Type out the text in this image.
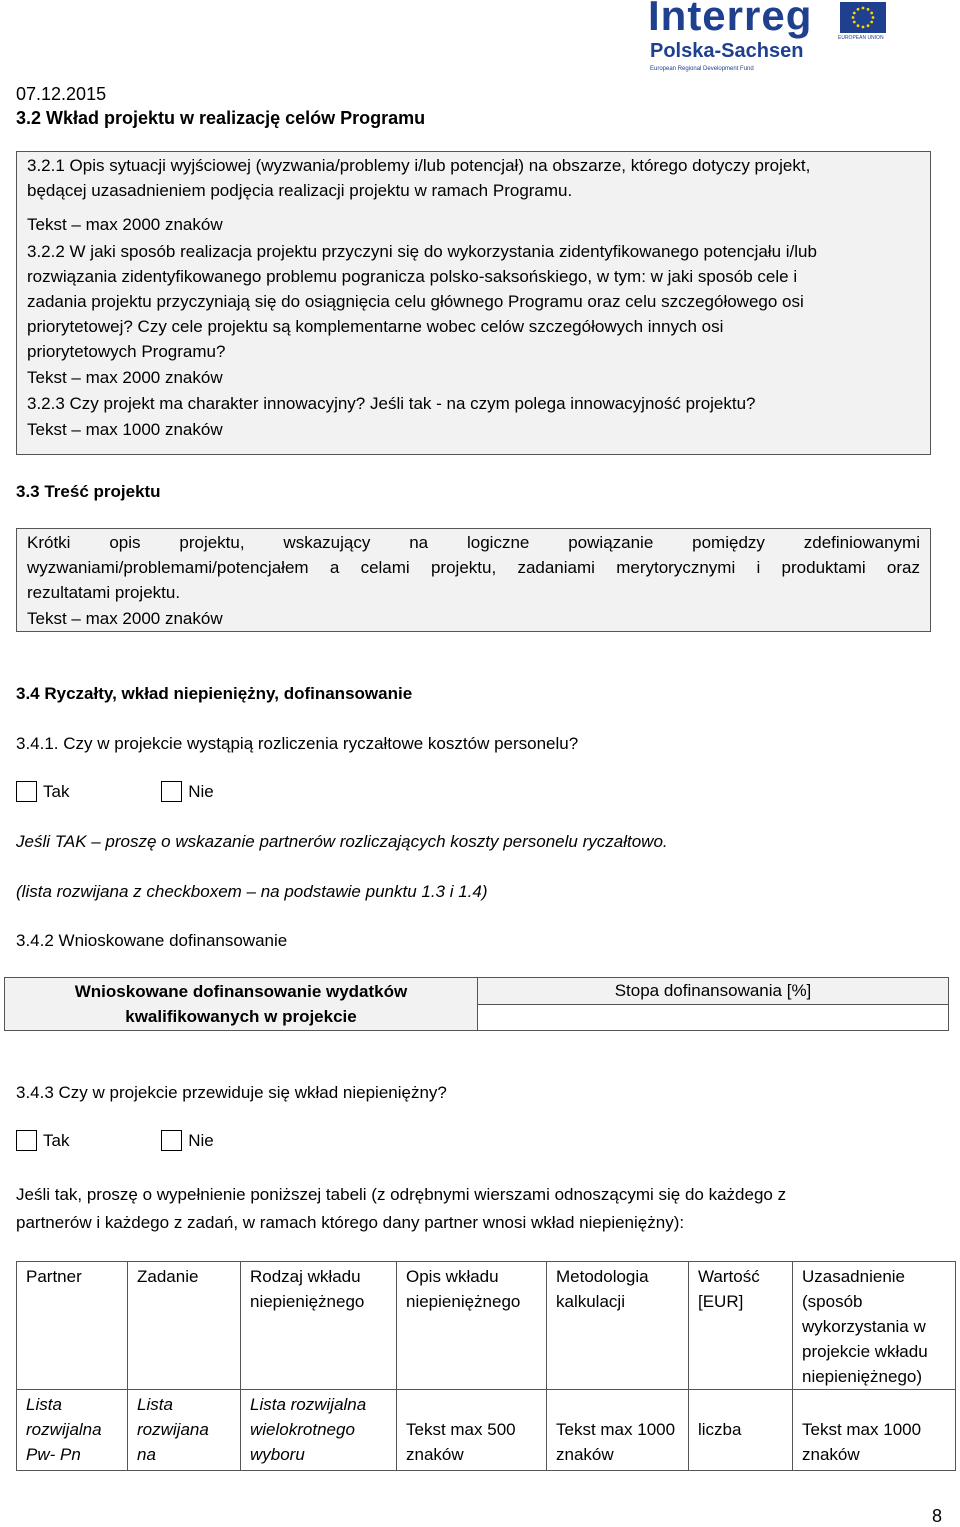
Interreg
Polska-Sachsen
European Regional Development Fund
EUROPEAN UNION
07.12.2015
3.2 Wkład projektu w realizację celów Programu
3.2.1 Opis sytuacji wyjściowej (wyzwania/problemy i/lub potencjał) na obszarze, którego dotyczy projekt,
będącej uzasadnieniem podjęcia realizacji projektu w ramach Programu.
Tekst – max 2000 znaków
3.2.2 W jaki sposób realizacja projektu przyczyni się do wykorzystania zidentyfikowanego potencjału i/lub
rozwiązania zidentyfikowanego problemu pogranicza polsko-saksońskiego, w tym: w jaki sposób cele i
zadania projektu przyczyniają się do osiągnięcia celu głównego Programu oraz celu szczegółowego osi
priorytetowej? Czy cele projektu są komplementarne wobec celów szczegółowych innych osi
priorytetowych Programu?
Tekst – max 2000 znaków
3.2.3 Czy projekt ma charakter innowacyjny? Jeśli tak - na czym polega innowacyjność projektu?
Tekst – max 1000 znaków
3.3 Treść projektu
Krótki opis projektu, wskazujący na logiczne powiązanie pomiędzy zdefiniowanymi
wyzwaniami/problemami/potencjałem a celami projektu, zadaniami merytorycznymi i produktami oraz
rezultatami projektu.
Tekst – max 2000 znaków
3.4 Ryczałty, wkład niepieniężny, dofinansowanie
3.4.1. Czy w projekcie wystąpią rozliczenia ryczałtowe kosztów personelu?
Tak	Nie
Jeśli TAK – proszę o wskazanie partnerów rozliczających koszty personelu ryczałtowo.
(lista rozwijana z checkboxem – na podstawie punktu 1.3 i 1.4)
3.4.2 Wnioskowane dofinansowanie
Wnioskowane dofinansowanie wydatków
kwalifikowanych w projekcie
	Stopa dofinansowania [%]

3.4.3 Czy w projekcie przewiduje się wkład niepieniężny?
Tak	Nie
Jeśli tak, proszę o wypełnienie poniższej tabeli (z odrębnymi wierszami odnoszącymi się do każdego z
partnerów i każdego z zadań, w ramach którego dany partner wnosi wkład niepieniężny):
Partner	Zadanie	Rodzaj wkładu niepieniężnego	Opis wkładu niepieniężnego	Metodologia kalkulacji	Wartość [EUR]	Uzasadnienie (sposób wykorzystania w projekcie wkładu niepieniężnego)
Lista rozwijalna Pw- Pn	Lista rozwijana na	Lista rozwijalna wielokrotnego wyboru	Tekst max 500 znaków	Tekst max 1000 znaków	liczba	Tekst max 1000 znaków
8
